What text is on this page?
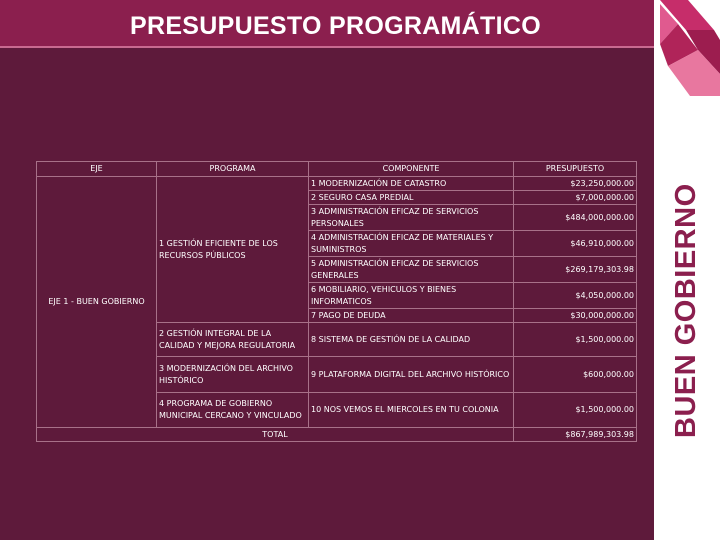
PRESUPUESTO PROGRAMÁTICO
BUEN GOBIERNO
EJE	PROGRAMA	COMPONENTE	PRESUPUESTO
EJE 1 - BUEN GOBIERNO	1 GESTIÓN EFICIENTE DE LOS RECURSOS PÚBLICOS	1 MODERNIZACIÓN DE CATASTRO	$23,250,000.00
		2 SEGURO CASA PREDIAL	$7,000,000.00
		3 ADMINISTRACIÓN EFICAZ DE SERVICIOS PERSONALES	$484,000,000.00
		4 ADMINISTRACIÓN EFICAZ DE MATERIALES Y SUMINISTROS	$46,910,000.00
		5 ADMINISTRACIÓN EFICAZ DE SERVICIOS GENERALES	$269,179,303.98
		6 MOBILIARIO, VEHICULOS Y BIENES INFORMATICOS	$4,050,000.00
		7 PAGO DE DEUDA	$30,000,000.00
	2 GESTIÓN INTEGRAL DE LA CALIDAD Y MEJORA REGULATORIA	8 SISTEMA DE GESTIÓN DE LA CALIDAD	$1,500,000.00
	3 MODERNIZACIÓN DEL ARCHIVO HISTÓRICO	9 PLATAFORMA DIGITAL DEL ARCHIVO HISTÓRICO	$600,000.00
	4 PROGRAMA DE GOBIERNO MUNICIPAL CERCANO Y VINCULADO	10 NOS VEMOS EL MIERCOLES EN TU COLONIA	$1,500,000.00
TOTAL			$867,989,303.98
